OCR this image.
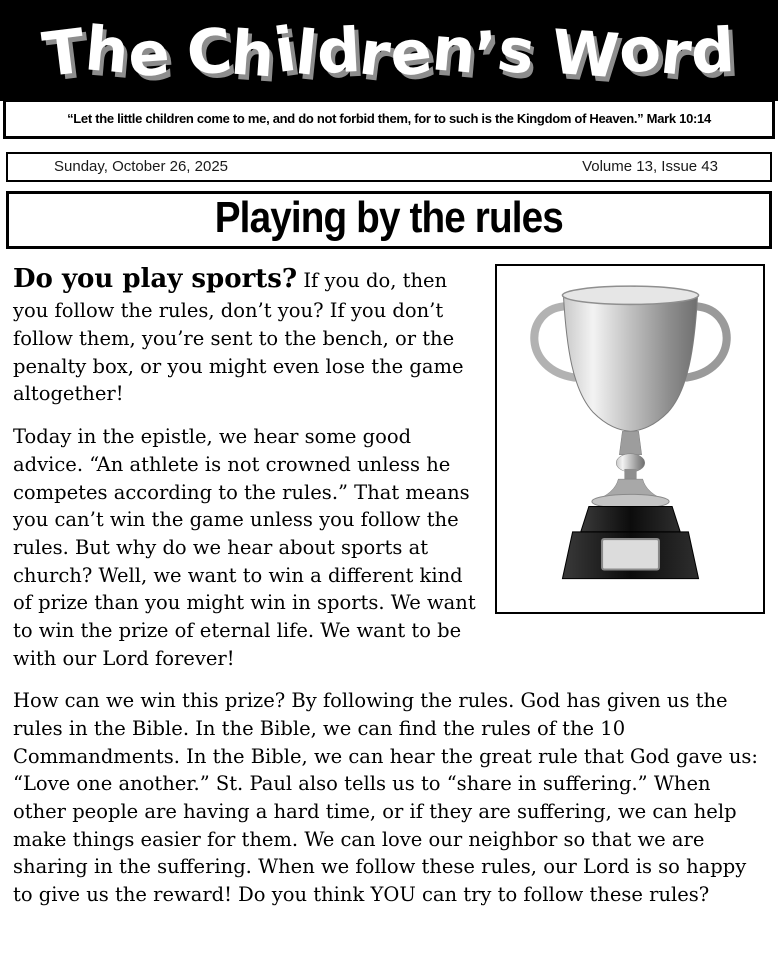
The Children’s Word
“Let the little children come to me, and do not forbid them, for to such is the Kingdom of Heaven.” Mark 10:14
Sunday, October 26, 2025	Volume 13, Issue 43
Playing by the rules

Do you play sports? If you do, then you follow the rules, don’t you? If you don’t follow them, you’re sent to the bench, or the penalty box, or you might even lose the game altogether!

Today in the epistle, we hear some good advice. “An athlete is not crowned unless he competes according to the rules.” That means you can’t win the game unless you follow the rules. But why do we hear about sports at church? Well, we want to win a different kind of prize than you might win in sports. We want to win the prize of eternal life. We want to be with our Lord forever!

How can we win this prize? By following the rules. God has given us the rules in the Bible. In the Bible, we can find the rules of the 10 Commandments. In the Bible, we can hear the great rule that God gave us: “Love one another.” St. Paul also tells us to “share in suffering.” When other people are having a hard time, or if they are suffering, we can help make things easier for them. We can love our neighbor so that we are sharing in the suffering. When we follow these rules, our Lord is so happy to give us the reward! Do you think YOU can try to follow these rules?
